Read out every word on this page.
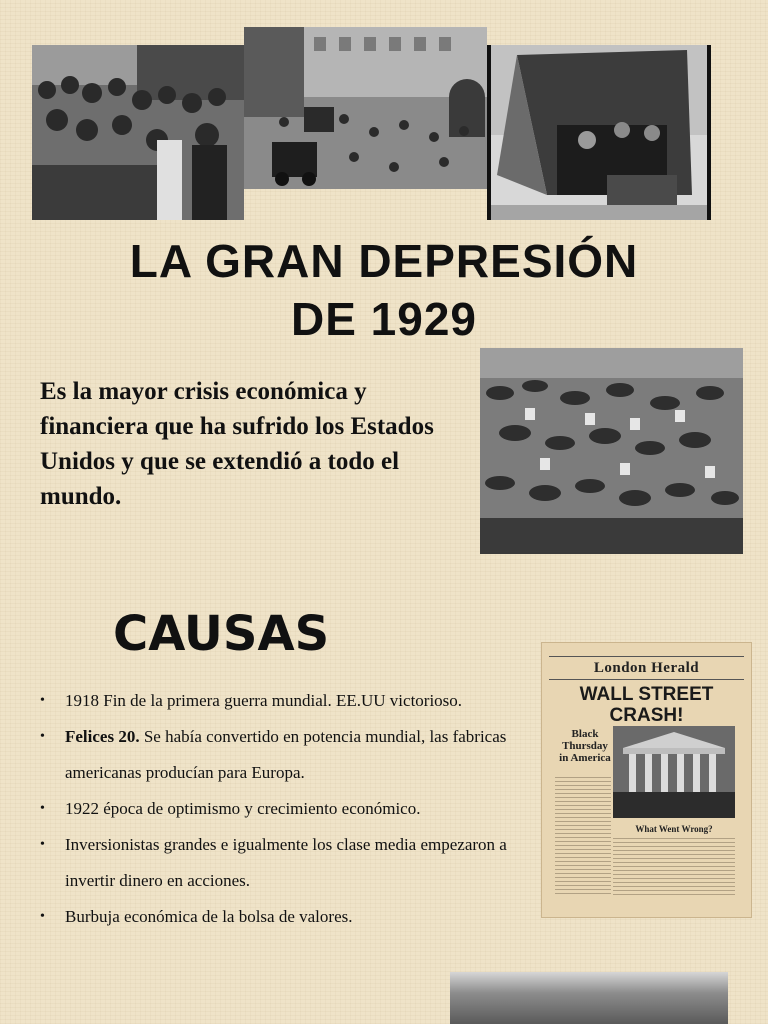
LA GRAN DEPRESIÓN
DE 1929

Es la mayor crisis económica y financiera que ha sufrido los Estados Unidos y que se extendió a todo el mundo.

CAUSAS
• 1918 Fin de la primera guerra mundial. EE.UU victorioso.
• Felices 20. Se había convertido en potencia mundial, las fabricas americanas producían para Europa.
• 1922 época de optimismo y crecimiento económico.
• Inversionistas grandes e igualmente los clase media empezaron a invertir dinero en acciones.
• Burbuja económica de la bolsa de valores.
London Herald
WALL STREET
CRASH!
Black Thursday in America
What Went Wrong?
